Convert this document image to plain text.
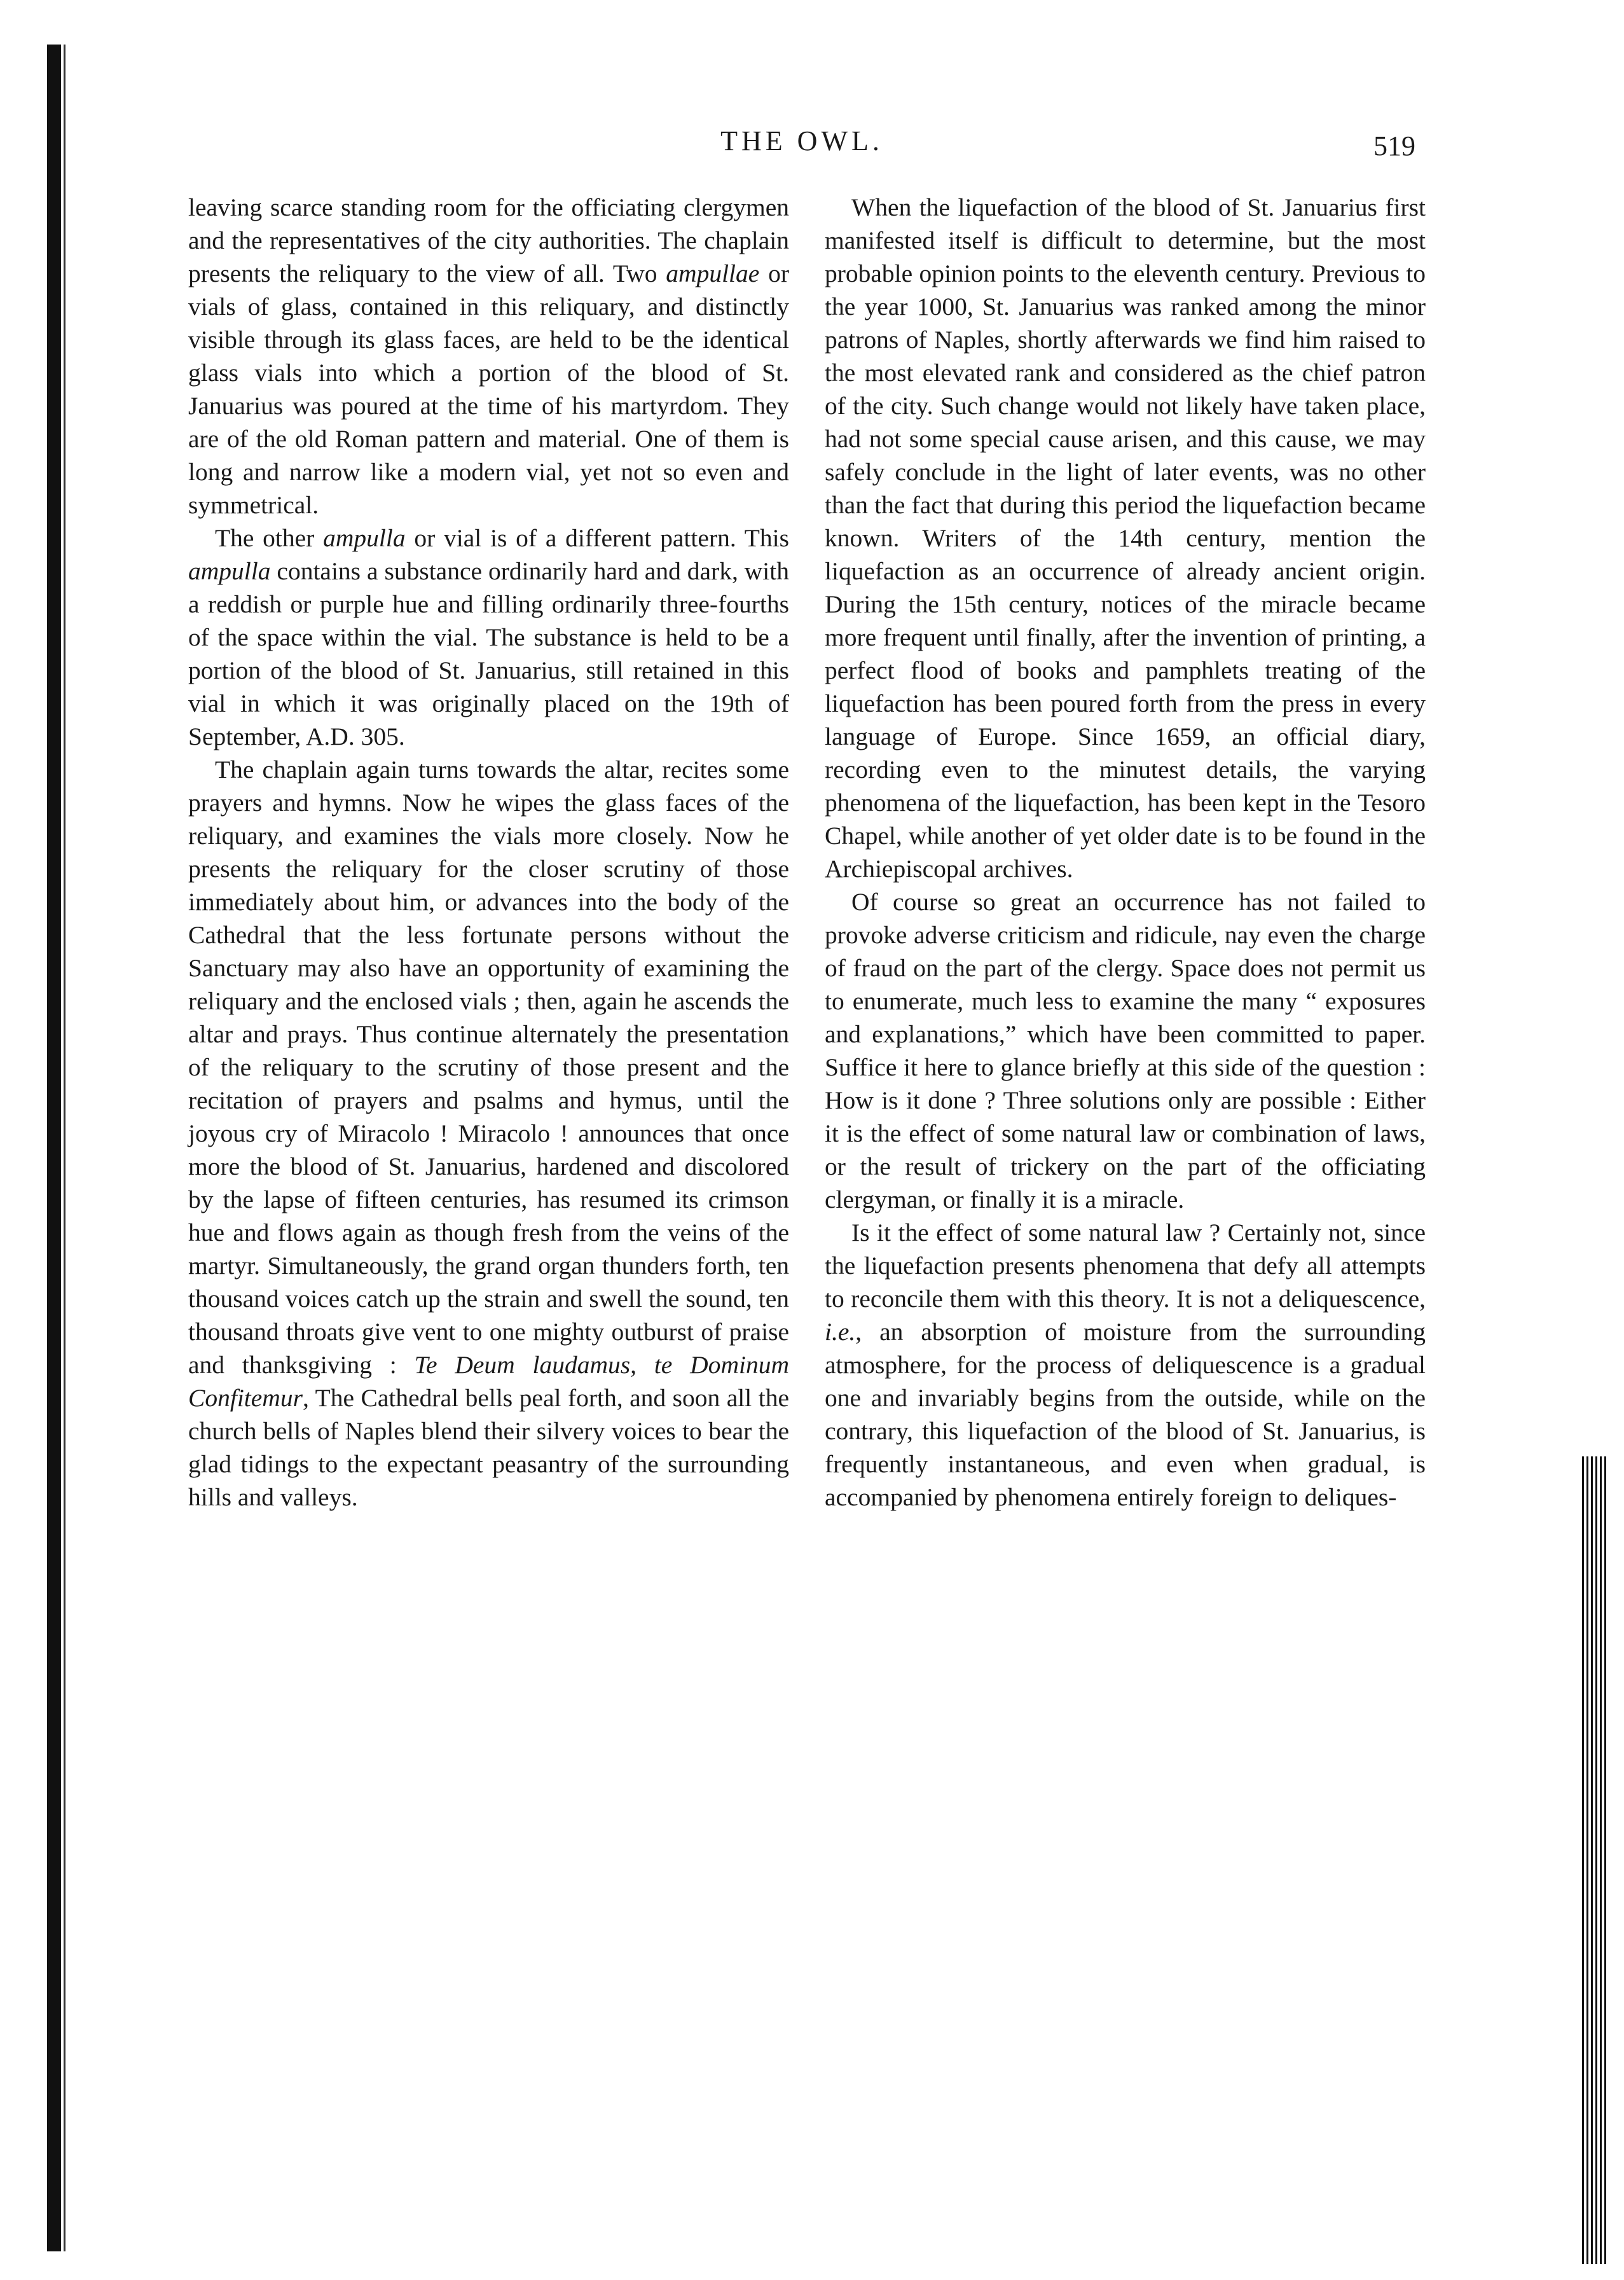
THE OWL.	519

leaving scarce standing room for the officiating clergymen and the representatives of the city authorities. The chaplain presents the reliquary to the view of all. Two ampullae or vials of glass, contained in this reliquary, and distinctly visible through its glass faces, are held to be the identical glass vials into which a portion of the blood of St. Januarius was poured at the time of his martyrdom. They are of the old Roman pattern and material. One of them is long and narrow like a modern vial, yet not so even and symmetrical.

The other ampulla or vial is of a different pattern. This ampulla contains a substance ordinarily hard and dark, with a reddish or purple hue and filling ordinarily three-fourths of the space within the vial. The substance is held to be a portion of the blood of St. Januarius, still retained in this vial in which it was originally placed on the 19th of September, A.D. 305.

The chaplain again turns towards the altar, recites some prayers and hymns. Now he wipes the glass faces of the reliquary, and examines the vials more closely. Now he presents the reliquary for the closer scrutiny of those immediately about him, or advances into the body of the Cathedral that the less fortunate persons without the Sanctuary may also have an opportunity of examining the reliquary and the enclosed vials ; then, again he ascends the altar and prays. Thus continue alternately the presentation of the reliquary to the scrutiny of those present and the recitation of prayers and psalms and hymus, until the joyous cry of Miracolo ! Miracolo ! announces that once more the blood of St. Januarius, hardened and discolored by the lapse of fifteen centuries, has resumed its crimson hue and flows again as though fresh from the veins of the martyr. Simultaneously, the grand organ thunders forth, ten thousand voices catch up the strain and swell the sound, ten thousand throats give vent to one mighty outburst of praise and thanksgiving : Te Deum laudamus, te Dominum Confitemur, The Cathedral bells peal forth, and soon all the church bells of Naples blend their silvery voices to bear the glad tidings to the expectant peasantry of the surrounding hills and valleys.

When the liquefaction of the blood of St. Januarius first manifested itself is difficult to determine, but the most probable opinion points to the eleventh century. Previous to the year 1000, St. Januarius was ranked among the minor patrons of Naples, shortly afterwards we find him raised to the most elevated rank and considered as the chief patron of the city. Such change would not likely have taken place, had not some special cause arisen, and this cause, we may safely conclude in the light of later events, was no other than the fact that during this period the liquefaction became known. Writers of the 14th century, mention the liquefaction as an occurrence of already ancient origin. During the 15th century, notices of the miracle became more frequent until finally, after the invention of printing, a perfect flood of books and pamphlets treating of the liquefaction has been poured forth from the press in every language of Europe. Since 1659, an official diary, recording even to the minutest details, the varying phenomena of the liquefaction, has been kept in the Tesoro Chapel, while another of yet older date is to be found in the Archiepiscopal archives.

Of course so great an occurrence has not failed to provoke adverse criticism and ridicule, nay even the charge of fraud on the part of the clergy. Space does not permit us to enumerate, much less to examine the many “ exposures and explanations,” which have been committed to paper. Suffice it here to glance briefly at this side of the question : How is it done ? Three solutions only are possible : Either it is the effect of some natural law or combination of laws, or the result of trickery on the part of the officiating clergyman, or finally it is a miracle.

Is it the effect of some natural law ? Certainly not, since the liquefaction presents phenomena that defy all attempts to reconcile them with this theory. It is not a deliquescence, i.e., an absorption of moisture from the surrounding atmosphere, for the process of deliquescence is a gradual one and invariably begins from the outside, while on the contrary, this liquefaction of the blood of St. Januarius, is frequently instantaneous, and even when gradual, is accompanied by phenomena entirely foreign to deliques-
